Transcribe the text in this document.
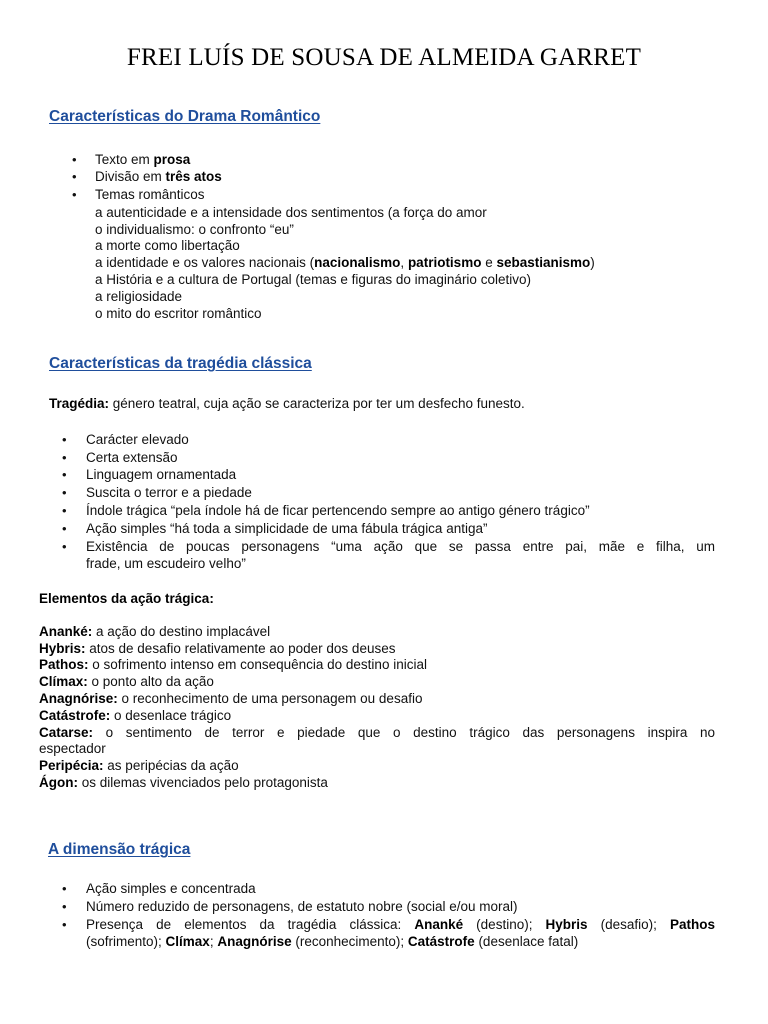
FREI LUÍS DE SOUSA DE ALMEIDA GARRET
Características do Drama Romântico
• Texto em prosa
• Divisão em três atos
• Temas românticos
a autenticidade e a intensidade dos sentimentos (a força do amor
o individualismo: o confronto “eu”
a morte como libertação
a identidade e os valores nacionais (nacionalismo, patriotismo e sebastianismo)
a História e a cultura de Portugal (temas e figuras do imaginário coletivo)
a religiosidade
o mito do escritor romântico
Características da tragédia clássica
Tragédia: género teatral, cuja ação se caracteriza por ter um desfecho funesto.
• Carácter elevado
• Certa extensão
• Linguagem ornamentada
• Suscita o terror e a piedade
• Índole trágica “pela índole há de ficar pertencendo sempre ao antigo género trágico”
• Ação simples “há toda a simplicidade de uma fábula trágica antiga”
• Existência de poucas personagens “uma ação que se passa entre pai, mãe e filha, um
frade, um escudeiro velho”
Elementos da ação trágica:
Ananké: a ação do destino implacável
Hybris: atos de desafio relativamente ao poder dos deuses
Pathos: o sofrimento intenso em consequência do destino inicial
Clímax: o ponto alto da ação
Anagnórise: o reconhecimento de uma personagem ou desafio
Catástrofe: o desenlace trágico
Catarse: o sentimento de terror e piedade que o destino trágico das personagens inspira no
espectador
Peripécia: as peripécias da ação
Ágon: os dilemas vivenciados pelo protagonista
A dimensão trágica
• Ação simples e concentrada
• Número reduzido de personagens, de estatuto nobre (social e/ou moral)
• Presença de elementos da tragédia clássica: Ananké (destino); Hybris (desafio); Pathos
(sofrimento); Clímax; Anagnórise (reconhecimento); Catástrofe (desenlace fatal)
